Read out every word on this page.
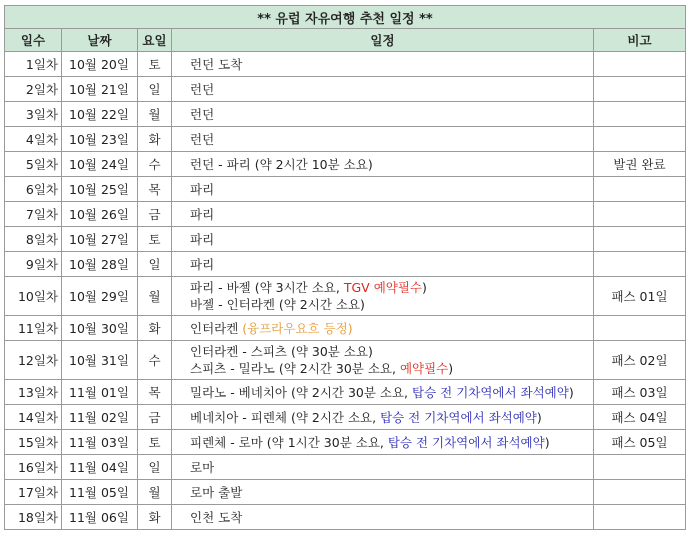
** 유럽 자유여행 추천 일정 **				
일수	날짜	요일	일정	비고
1일차	10월 20일	토	런던 도착	

2일차	10월 21일	일	런던	

3일차	10월 22일	월	런던	

4일차	10월 23일	화	런던	

5일차	10월 24일	수	런던 - 파리 (약 2시간 10분 소요)	발권 완료
6일차	10월 25일	목	파리	

7일차	10월 26일	금	파리	

8일차	10월 27일	토	파리	

9일차	10월 28일	일	파리	

10일차	10월 29일	월	파리 - 바젤 (약 3시간 소요, TGV 예약필수)
바젤 - 인터라켄 (약 2시간 소요)	패스 01일
11일차	10월 30일	화	인터라켄 (융프라우요흐 등정)	

12일차	10월 31일	수	인터라켄 - 스피츠 (약 30분 소요)
스피츠 - 밀라노 (약 2시간 30분 소요, 예약필수)	패스 02일
13일차	11월 01일	목	밀라노 - 베네치아 (약 2시간 30분 소요, 탑승 전 기차역에서 좌석예약)	패스 03일
14일차	11월 02일	금	베네치아 - 피렌체 (약 2시간 소요, 탑승 전 기차역에서 좌석예약)	패스 04일
15일차	11월 03일	토	피렌체 - 로마 (약 1시간 30분 소요, 탑승 전 기차역에서 좌석예약)	패스 05일
16일차	11월 04일	일	로마	

17일차	11월 05일	월	로마 출발	

18일차	11월 06일	화	인천 도착	
